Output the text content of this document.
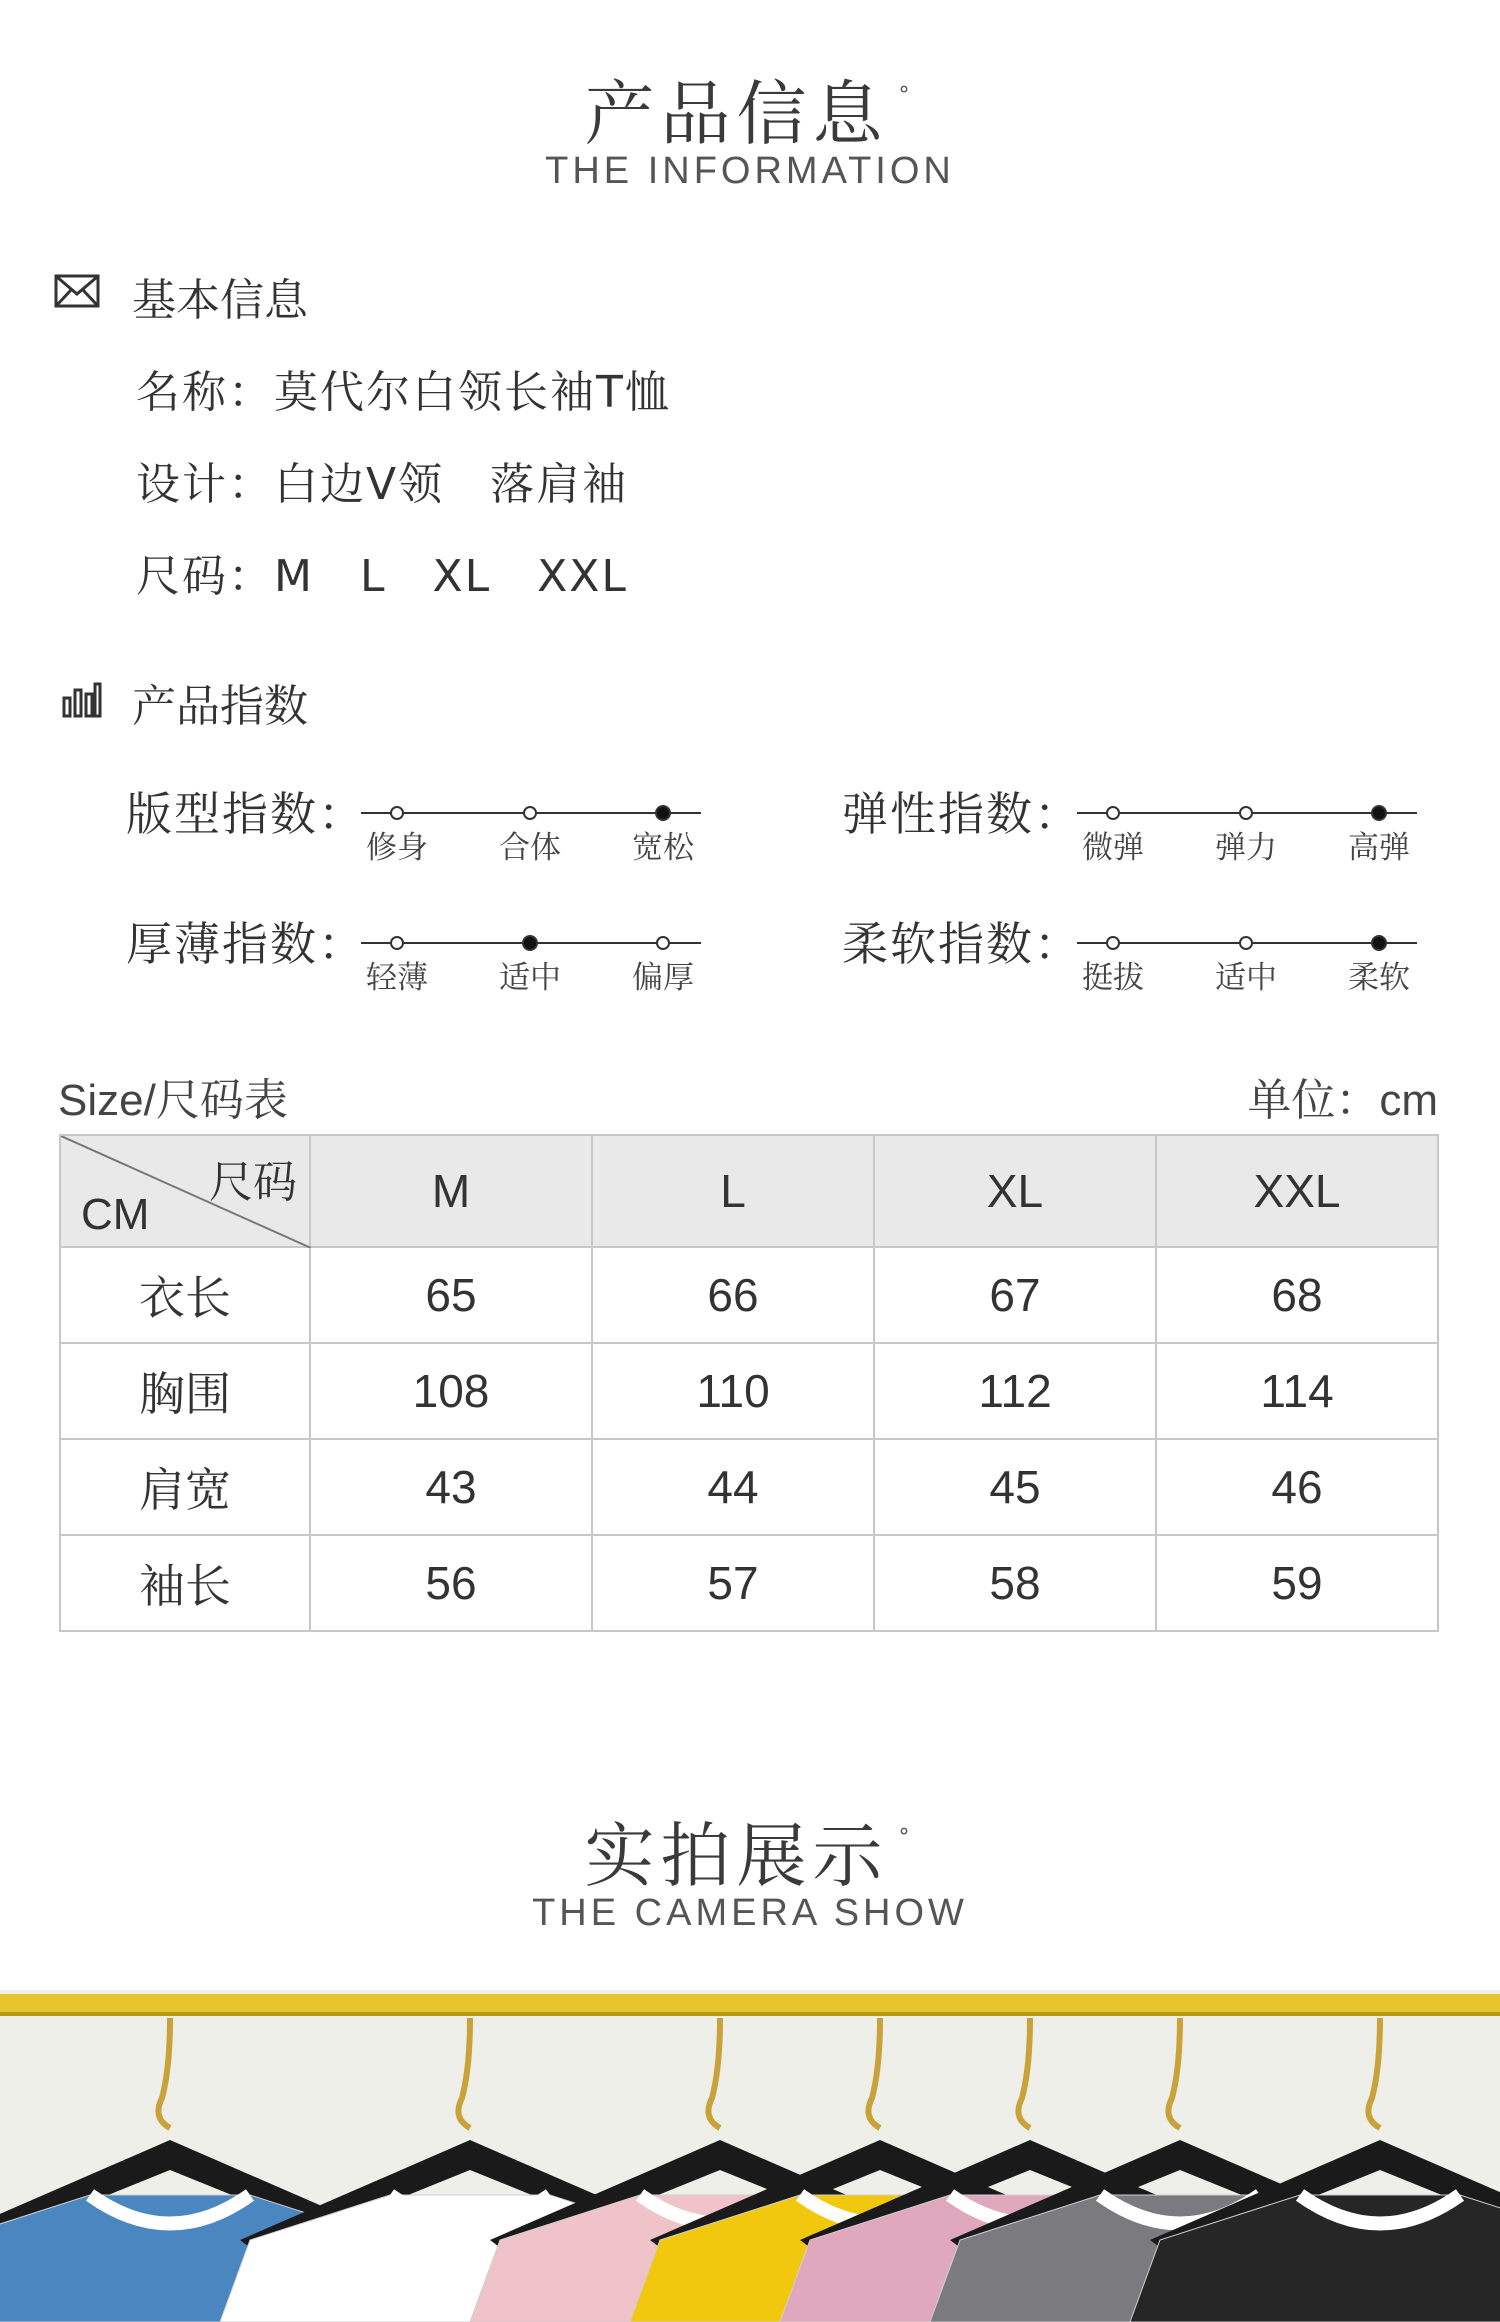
产品信息 °
THE INFORMATION
基本信息
名称：莫代尔白领长袖T恤
设计：白边V领　落肩袖
尺码：M　L　XL　XXL
产品指数
版型指数：
修身	合体	宽松
弹性指数：
微弹	弹力	高弹
厚薄指数：
轻薄	适中	偏厚
柔软指数：
挺拔	适中	柔软
Size/尺码表	单位：cm
尺码
CM	M	L	XL	XXL
衣长	65	66	67	68
胸围	108	110	112	114
肩宽	43	44	45	46
袖长	56	57	58	59
实拍展示 °
THE CAMERA SHOW
